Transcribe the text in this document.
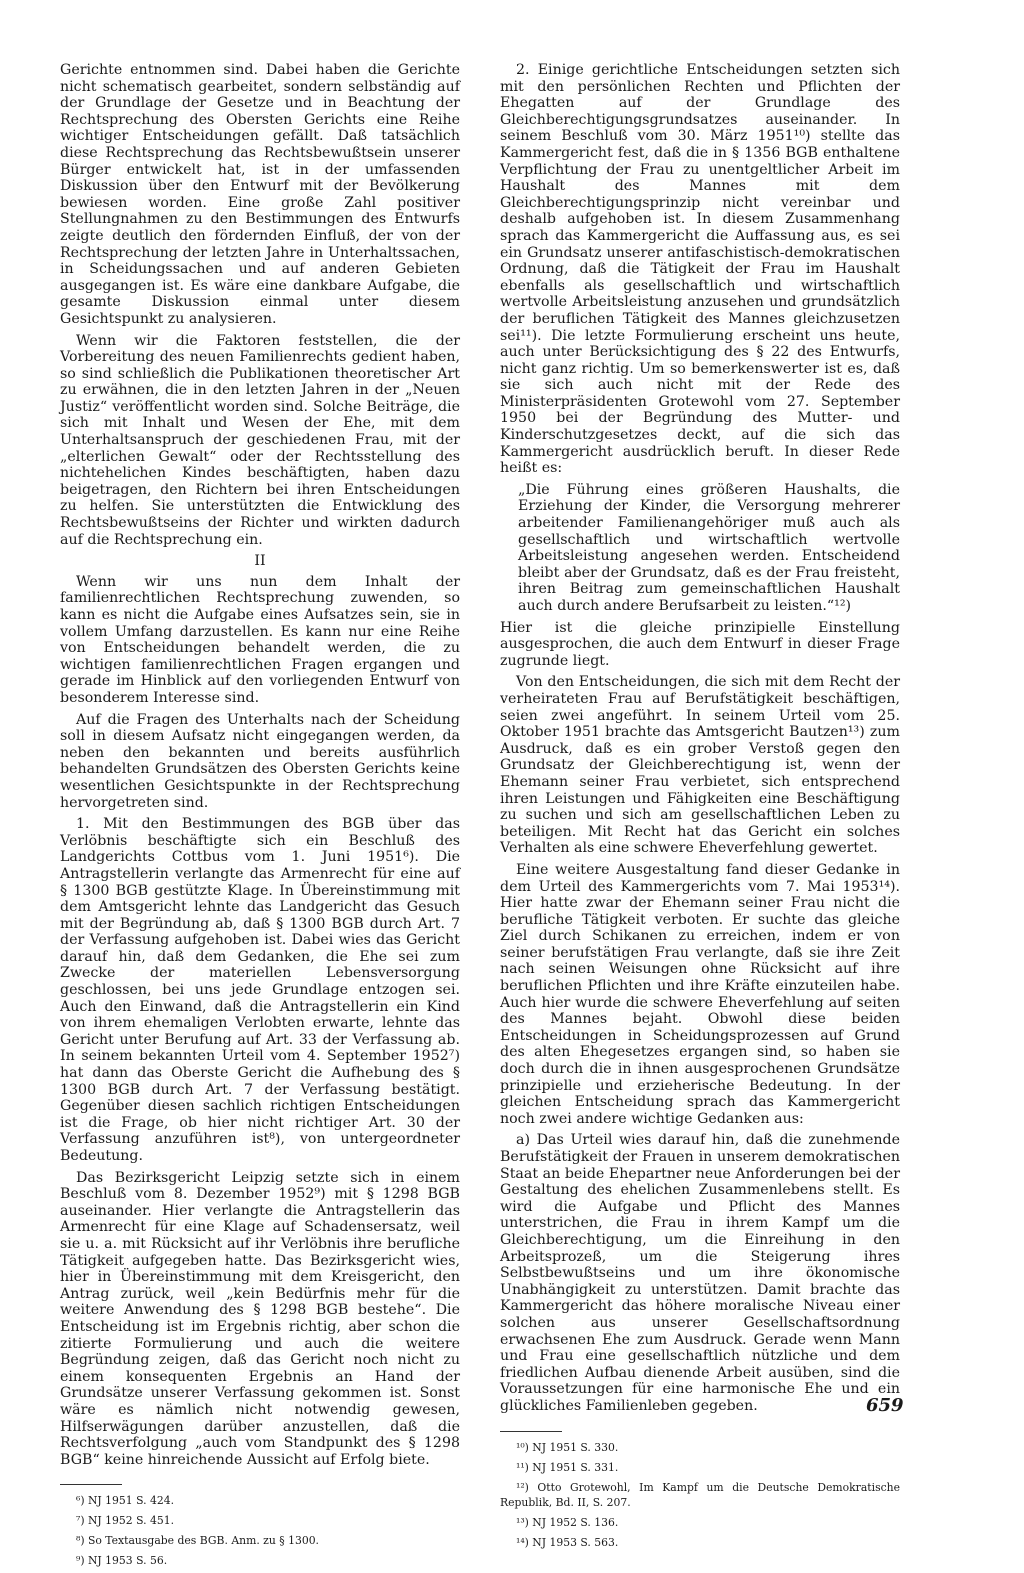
Gerichte entnommen sind. Dabei haben die Gerichte nicht schematisch gearbeitet, sondern selbständig auf der Grundlage der Gesetze und in Beachtung der Rechtsprechung des Obersten Gerichts eine Reihe wichtiger Entscheidungen gefällt. Daß tatsächlich diese Rechtsprechung das Rechtsbewußtsein unserer Bürger entwickelt hat, ist in der umfassenden Diskussion über den Entwurf mit der Bevölkerung bewiesen worden. Eine große Zahl positiver Stellungnahmen zu den Bestimmungen des Entwurfs zeigte deutlich den fördernden Einfluß, der von der Rechtsprechung der letzten Jahre in Unterhaltssachen, in Scheidungssachen und auf anderen Gebieten ausgegangen ist. Es wäre eine dankbare Aufgabe, die gesamte Diskussion einmal unter diesem Gesichtspunkt zu analysieren.

Wenn wir die Faktoren feststellen, die der Vorbereitung des neuen Familienrechts gedient haben, so sind schließlich die Publikationen theoretischer Art zu erwähnen, die in den letzten Jahren in der „Neuen Justiz“ veröffentlicht worden sind. Solche Beiträge, die sich mit Inhalt und Wesen der Ehe, mit dem Unterhaltsanspruch der geschiedenen Frau, mit der „elterlichen Gewalt“ oder der Rechtsstellung des nichtehelichen Kindes beschäftigten, haben dazu beigetragen, den Richtern bei ihren Entscheidungen zu helfen. Sie unterstützten die Entwicklung des Rechtsbewußtseins der Richter und wirkten dadurch auf die Rechtsprechung ein.

II

Wenn wir uns nun dem Inhalt der familienrechtlichen Rechtsprechung zuwenden, so kann es nicht die Aufgabe eines Aufsatzes sein, sie in vollem Umfang darzustellen. Es kann nur eine Reihe von Entscheidungen behandelt werden, die zu wichtigen familienrechtlichen Fragen ergangen und gerade im Hinblick auf den vorliegenden Entwurf von besonderem Interesse sind.

Auf die Fragen des Unterhalts nach der Scheidung soll in diesem Aufsatz nicht eingegangen werden, da neben den bekannten und bereits ausführlich behandelten Grundsätzen des Obersten Gerichts keine wesentlichen Gesichtspunkte in der Rechtsprechung hervorgetreten sind.

1. Mit den Bestimmungen des BGB über das Verlöbnis beschäftigte sich ein Beschluß des Landgerichts Cottbus vom 1. Juni 1951⁶). Die Antragstellerin verlangte das Armenrecht für eine auf § 1300 BGB gestützte Klage. In Übereinstimmung mit dem Amtsgericht lehnte das Landgericht das Gesuch mit der Begründung ab, daß § 1300 BGB durch Art. 7 der Verfassung aufgehoben ist. Dabei wies das Gericht darauf hin, daß dem Gedanken, die Ehe sei zum Zwecke der materiellen Lebensversorgung geschlossen, bei uns jede Grundlage entzogen sei. Auch den Einwand, daß die Antragstellerin ein Kind von ihrem ehemaligen Verlobten erwarte, lehnte das Gericht unter Berufung auf Art. 33 der Verfassung ab. In seinem bekannten Urteil vom 4. September 1952⁷) hat dann das Oberste Gericht die Aufhebung des § 1300 BGB durch Art. 7 der Verfassung bestätigt. Gegenüber diesen sachlich richtigen Entscheidungen ist die Frage, ob hier nicht richtiger Art. 30 der Verfassung anzuführen ist⁸), von untergeordneter Bedeutung.

Das Bezirksgericht Leipzig setzte sich in einem Beschluß vom 8. Dezember 1952⁹) mit § 1298 BGB auseinander. Hier verlangte die Antragstellerin das Armenrecht für eine Klage auf Schadensersatz, weil sie u. a. mit Rücksicht auf ihr Verlöbnis ihre berufliche Tätigkeit aufgegeben hatte. Das Bezirksgericht wies, hier in Übereinstimmung mit dem Kreisgericht, den Antrag zurück, weil „kein Bedürfnis mehr für die weitere Anwendung des § 1298 BGB bestehe“. Die Entscheidung ist im Ergebnis richtig, aber schon die zitierte Formulierung und auch die weitere Begründung zeigen, daß das Gericht noch nicht zu einem konsequenten Ergebnis an Hand der Grundsätze unserer Verfassung gekommen ist. Sonst wäre es nämlich nicht notwendig gewesen, Hilfserwägungen darüber anzustellen, daß die Rechtsverfolgung „auch vom Standpunkt des § 1298 BGB“ keine hinreichende Aussicht auf Erfolg biete.

⁶) NJ 1951 S. 424.

⁷) NJ 1952 S. 451.

⁸) So Textausgabe des BGB. Anm. zu § 1300.

⁹) NJ 1953 S. 56.

2. Einige gerichtliche Entscheidungen setzten sich mit den persönlichen Rechten und Pflichten der Ehegatten auf der Grundlage des Gleichberechtigungsgrundsatzes auseinander. In seinem Beschluß vom 30. März 1951¹⁰) stellte das Kammergericht fest, daß die in § 1356 BGB enthaltene Verpflichtung der Frau zu unentgeltlicher Arbeit im Haushalt des Mannes mit dem Gleichberechtigungsprinzip nicht vereinbar und deshalb aufgehoben ist. In diesem Zusammenhang sprach das Kammergericht die Auffassung aus, es sei ein Grundsatz unserer antifaschistisch-demokratischen Ordnung, daß die Tätigkeit der Frau im Haushalt ebenfalls als gesellschaftlich und wirtschaftlich wertvolle Arbeitsleistung anzusehen und grundsätzlich der beruflichen Tätigkeit des Mannes gleichzusetzen sei¹¹). Die letzte Formulierung erscheint uns heute, auch unter Berücksichtigung des § 22 des Entwurfs, nicht ganz richtig. Um so bemerkenswerter ist es, daß sie sich auch nicht mit der Rede des Ministerpräsidenten Grotewohl vom 27. September 1950 bei der Begründung des Mutter- und Kinderschutzgesetzes deckt, auf die sich das Kammergericht ausdrücklich beruft. In dieser Rede heißt es:

„Die Führung eines größeren Haushalts, die Erziehung der Kinder, die Versorgung mehrerer arbeitender Familienangehöriger muß auch als gesellschaftlich und wirtschaftlich wertvolle Arbeitsleistung angesehen werden. Entscheidend bleibt aber der Grundsatz, daß es der Frau freisteht, ihren Beitrag zum gemeinschaftlichen Haushalt auch durch andere Berufsarbeit zu leisten.“¹²)

Hier ist die gleiche prinzipielle Einstellung ausgesprochen, die auch dem Entwurf in dieser Frage zugrunde liegt.

Von den Entscheidungen, die sich mit dem Recht der verheirateten Frau auf Berufstätigkeit beschäftigen, seien zwei angeführt. In seinem Urteil vom 25. Oktober 1951 brachte das Amtsgericht Bautzen¹³) zum Ausdruck, daß es ein grober Verstoß gegen den Grundsatz der Gleichberechtigung ist, wenn der Ehemann seiner Frau verbietet, sich entsprechend ihren Leistungen und Fähigkeiten eine Beschäftigung zu suchen und sich am gesellschaftlichen Leben zu beteiligen. Mit Recht hat das Gericht ein solches Verhalten als eine schwere Eheverfehlung gewertet.

Eine weitere Ausgestaltung fand dieser Gedanke in dem Urteil des Kammergerichts vom 7. Mai 1953¹⁴). Hier hatte zwar der Ehemann seiner Frau nicht die berufliche Tätigkeit verboten. Er suchte das gleiche Ziel durch Schikanen zu erreichen, indem er von seiner berufstätigen Frau verlangte, daß sie ihre Zeit nach seinen Weisungen ohne Rücksicht auf ihre beruflichen Pflichten und ihre Kräfte einzuteilen habe. Auch hier wurde die schwere Eheverfehlung auf seiten des Mannes bejaht. Obwohl diese beiden Entscheidungen in Scheidungsprozessen auf Grund des alten Ehegesetzes ergangen sind, so haben sie doch durch die in ihnen ausgesprochenen Grundsätze prinzipielle und erzieherische Bedeutung. In der gleichen Entscheidung sprach das Kammergericht noch zwei andere wichtige Gedanken aus:

a) Das Urteil wies darauf hin, daß die zunehmende Berufstätigkeit der Frauen in unserem demokratischen Staat an beide Ehepartner neue Anforderungen bei der Gestaltung des ehelichen Zusammenlebens stellt. Es wird die Aufgabe und Pflicht des Mannes unterstrichen, die Frau in ihrem Kampf um die Gleichberechtigung, um die Einreihung in den Arbeitsprozeß, um die Steigerung ihres Selbstbewußtseins und um ihre ökonomische Unabhängigkeit zu unterstützen. Damit brachte das Kammergericht das höhere moralische Niveau einer solchen aus unserer Gesellschaftsordnung erwachsenen Ehe zum Ausdruck. Gerade wenn Mann und Frau eine gesellschaftlich nützliche und dem friedlichen Aufbau dienende Arbeit ausüben, sind die Voraussetzungen für eine harmonische Ehe und ein glückliches Familienleben gegeben.

¹⁰) NJ 1951 S. 330.

¹¹) NJ 1951 S. 331.

¹²) Otto Grotewohl, Im Kampf um die Deutsche Demokratische Republik, Bd. II, S. 207.

¹³) NJ 1952 S. 136.

¹⁴) NJ 1953 S. 563.

659
